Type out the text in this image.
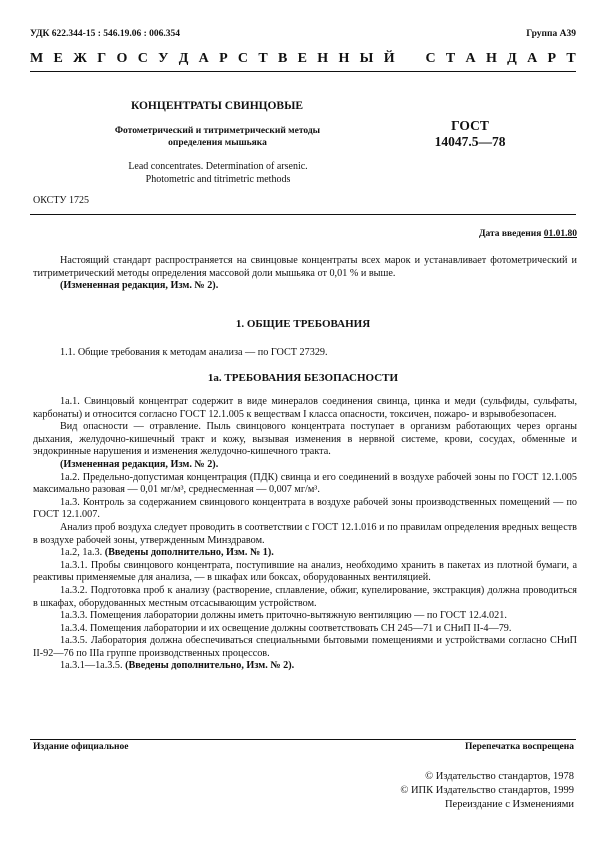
УДК 622.344-15 : 546.19.06 : 006.354	Группа А39
М Е Ж Г О С У Д А Р С Т В Е Н Н Ы Й С Т А Н Д А Р Т
КОНЦЕНТРАТЫ СВИНЦОВЫЕ
Фотометрический и титриметрический методы
определения мышьяка
ГОСТ
14047.5—78
Lead concentrates. Determination of arsenic.
Photometric and titrimetric methods
ОКСТУ 1725
Дата введения 01.01.80

Настоящий стандарт распространяется на свинцовые концентраты всех марок и устанавливает фотометрический и титриметрический методы определения массовой доли мышьяка от 0,01 % и выше.

(Измененная редакция, Изм. № 2).

1. ОБЩИЕ ТРЕБОВАНИЯ

1.1. Общие требования к методам анализа — по ГОСТ 27329.

1а. ТРЕБОВАНИЯ БЕЗОПАСНОСТИ

1а.1. Свинцовый концентрат содержит в виде минералов соединения свинца, цинка и меди (сульфиды, сульфаты, карбонаты) и относится согласно ГОСТ 12.1.005 к веществам I класса опасности, токсичен, пожаро- и взрывобезопасен.

Вид опасности — отравление. Пыль свинцового концентрата поступает в организм работающих через органы дыхания, желудочно-кишечный тракт и кожу, вызывая изменения в нервной системе, крови, сосудах, обменные и эндокринные нарушения и изменения желудочно-кишечного тракта.

(Измененная редакция, Изм. № 2).

1а.2. Предельно-допустимая концентрация (ПДК) свинца и его соединений в воздухе рабочей зоны по ГОСТ 12.1.005 максимально разовая — 0,01 мг/м³, среднесменная — 0,007 мг/м³.

1а.3. Контроль за содержанием свинцового концентрата в воздухе рабочей зоны производственных помещений — по ГОСТ 12.1.007.

Анализ проб воздуха следует проводить в соответствии с ГОСТ 12.1.016 и по правилам определения вредных веществ в воздухе рабочей зоны, утвержденным Минздравом.

1а.2, 1а.3. (Введены дополнительно, Изм. № 1).

1а.3.1. Пробы свинцового концентрата, поступившие на анализ, необходимо хранить в пакетах из плотной бумаги, а реактивы применяемые для анализа, — в шкафах или боксах, оборудованных вентиляцией.

1а.3.2. Подготовка проб к анализу (растворение, сплавление, обжиг, купелирование, экстракция) должна проводиться в шкафах, оборудованных местным отсасывающим устройством.

1а.3.3. Помещения лаборатории должны иметь приточно-вытяжную вентиляцию — по ГОСТ 12.4.021.

1а.3.4. Помещения лаборатории и их освещение должны соответствовать СН 245—71 и СНиП II-4—79.

1а.3.5. Лаборатория должна обеспечиваться специальными бытовыми помещениями и устройствами согласно СНиП II-92—76 по IIIа группе производственных процессов.

1а.3.1—1а.3.5. (Введены дополнительно, Изм. № 2).

Издание официальное	Перепечатка воспрещена
© Издательство стандартов, 1978
© ИПК Издательство стандартов, 1999
Переиздание с Изменениями
